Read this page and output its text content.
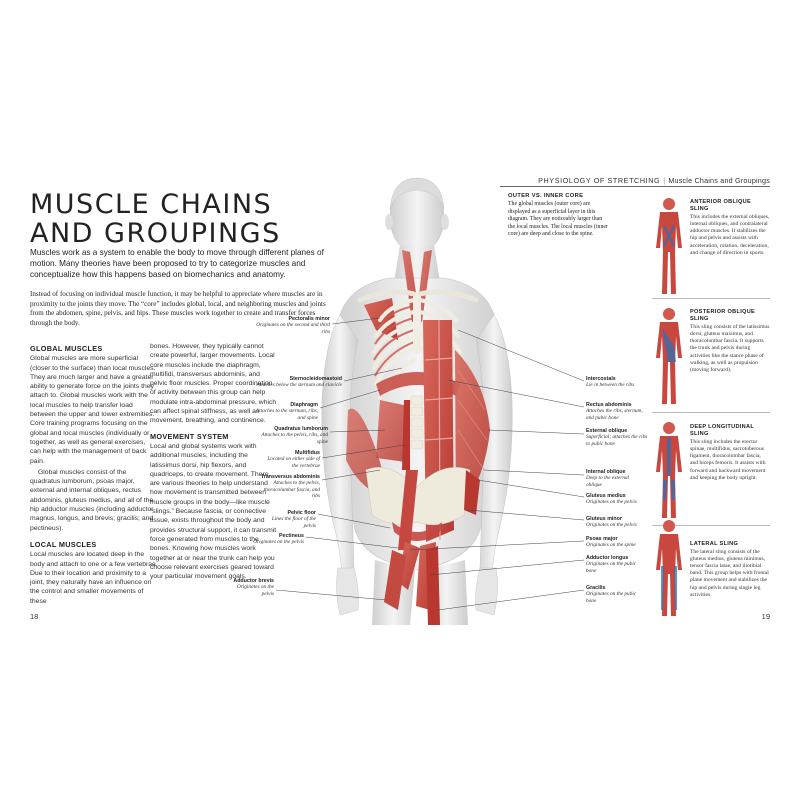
PHYSIOLOGY OF STRETCHING | Muscle Chains and Groupings
MUSCLE CHAINS
AND GROUPINGS

Muscles work as a system to enable the body to move through different planes of motion. Many theories have been proposed to try to categorize muscles and conceptualize how this happens based on biomechanics and anatomy.

Instead of focusing on individual muscle function, it may be helpful to appreciate where muscles are in proximity to the joints they move. The “core” includes global, local, and neighboring muscles and joints from the abdomen, spine, pelvis, and hips. These muscles work together to create and transfer forces through the body.

GLOBAL MUSCLES

Global muscles are more superficial (closer to the surface) than local muscles. They are much larger and have a greater ability to generate force on the joints they attach to. Global muscles work with the local muscles to help transfer load between the upper and lower extremities. Core training programs focusing on the global and local muscles (individually or together, as well as general exercises, can help with the management of back pain.

Global muscles consist of the quadratus lumborum, psoas major, external and internal obliques, rectus abdominis, gluteus medius, and all of the hip adductor muscles (including adductor magnus, longus, and brevis; gracilis; and pectineus).

LOCAL MUSCLES

Local muscles are located deep in the body and attach to one or a few vertebrae. Due to their location and proximity to a joint, they naturally have an influence on the control and smaller movements of these

bones. However, they typically cannot create powerful, larger movements. Local core muscles include the diaphragm, multifidi, transversus abdominis, and pelvic floor muscles. Proper coordination of activity between this group can help modulate intra-abdominal pressure, which can affect spinal stiffness, as well as movement, breathing, and continence.

MOVEMENT SYSTEM

Local and global systems work with additional muscles, including the latissimus dorsi, hip flexors, and quadriceps, to create movement. There are various theories to help understand how movement is transmitted between muscle groups in the body—like muscle “slings.” Because fascia, or connective tissue, exists throughout the body and provides structural support, it can transmit force generated from muscles to the bones. Knowing how muscles work together at or near the trunk can help you choose relevant exercises geared toward your particular movement goals.

18	19
Pectoralis minor
Originates on the second and third ribs
Sternocleidomastoid
Attaches below the sternum and clavicle
Diaphragm
Attaches to the sternum, ribs, and spine
Quadratus lumborum
Attaches to the pelvis, ribs, and spine
Multifidus
Located on either side of the vertebrae
Transversus abdominis
Attaches to the pelvis, thoracolumbar fascia, and ribs
Pelvic floor
Lines the floor of the pelvis
Pectineus
Originates on the pelvis
Adductor brevis
Originates on the pelvis
Intercostals
Lie in between the ribs
Rectus abdominis
Attaches the ribs, sternum, and pubic bone
External oblique
Superficial; attaches the ribs to pubic bone
Internal oblique
Deep to the external oblique
Gluteus medius
Originates on the pelvis
Gluteus minor
Originates on the pelvis
Psoas major
Originates on the spine
Adductor longus
Originates on the pubic bone
Gracilis
Originates on the pubic bone
OUTER VS. INNER CORE

The global muscles (outer core) are displayed as a superficial layer in this diagram. They are noticeably larger than the local muscles. The local muscles (inner core) are deep and close to the spine.

ANTERIOR OBLIQUE SLING

This includes the external obliques, internal obliques, and contralateral adductor muscles. It stabilizes the hip and pelvis and assists with acceleration, rotation, deceleration, and change of direction in sports.

POSTERIOR OBLIQUE SLING

This sling consists of the latissimus dorsi, gluteus maximus, and thoracolumbar fascia. It supports the trunk and pelvis during activities like the stance phase of walking, as well as propulsion (moving forward).

DEEP LONGITUDINAL SLING

This sling includes the erector spinae, multifidus, sacrotuberous ligament, thoracolumbar fascia, and biceps femoris. It assists with forward and backward movement and keeping the body upright.

LATERAL SLING

The lateral sling consists of the gluteus medius, gluteus minimus, tensor fascia latae, and iliotibial band. This group helps with frontal plane movement and stabilizes the hip and pelvis during single leg activities.
